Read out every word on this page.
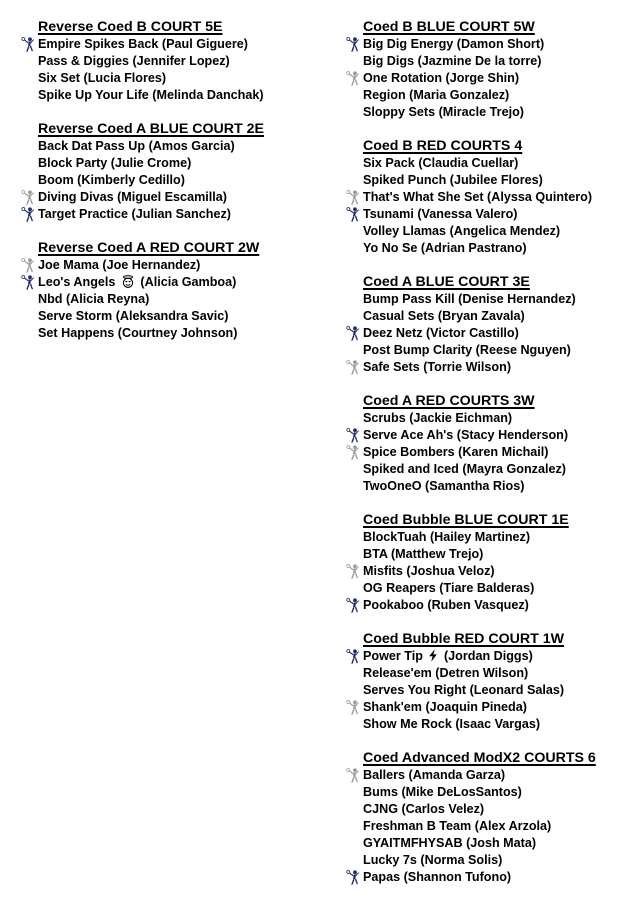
Reverse Coed B COURT 5E
Empire Spikes Back (Paul Giguere)
Pass & Diggies (Jennifer Lopez)
Six Set (Lucia Flores)
Spike Up Your Life (Melinda Danchak)
Reverse Coed A BLUE COURT 2E
Back Dat Pass Up (Amos Garcia)
Block Party (Julie Crome)
Boom (Kimberly Cedillo)
Diving Divas (Miguel Escamilla)
Target Practice (Julian Sanchez)
Reverse Coed A RED COURT 2W
Joe Mama (Joe Hernandez)
Leo's Angels (Alicia Gamboa)
Nbd (Alicia Reyna)
Serve Storm (Aleksandra Savic)
Set Happens (Courtney Johnson)
Coed B BLUE COURT 5W
Big Dig Energy (Damon Short)
Big Digs (Jazmine De la torre)
One Rotation (Jorge Shin)
Region (Maria Gonzalez)
Sloppy Sets (Miracle Trejo)
Coed B RED COURTS 4
Six Pack (Claudia Cuellar)
Spiked Punch (Jubilee Flores)
That's What She Set (Alyssa Quintero)
Tsunami (Vanessa Valero)
Volley Llamas (Angelica Mendez)
Yo No Se (Adrian Pastrano)
Coed A BLUE COURT 3E
Bump Pass Kill (Denise Hernandez)
Casual Sets (Bryan Zavala)
Deez Netz (Victor Castillo)
Post Bump Clarity (Reese Nguyen)
Safe Sets (Torrie Wilson)
Coed A RED COURTS 3W
Scrubs (Jackie Eichman)
Serve Ace Ah's (Stacy Henderson)
Spice Bombers (Karen Michail)
Spiked and Iced (Mayra Gonzalez)
TwoOneO (Samantha Rios)
Coed Bubble BLUE COURT 1E
BlockTuah (Hailey Martinez)
BTA (Matthew Trejo)
Misfits (Joshua Veloz)
OG Reapers (Tiare Balderas)
Pookaboo (Ruben Vasquez)
Coed Bubble RED COURT 1W
Power Tip (Jordan Diggs)
Release'em (Detren Wilson)
Serves You Right (Leonard Salas)
Shank'em (Joaquin Pineda)
Show Me Rock (Isaac Vargas)
Coed Advanced ModX2 COURTS 6
Ballers (Amanda Garza)
Bums (Mike DeLosSantos)
CJNG (Carlos Velez)
Freshman B Team (Alex Arzola)
GYAITMFHYSAB (Josh Mata)
Lucky 7s (Norma Solis)
Papas (Shannon Tufono)
